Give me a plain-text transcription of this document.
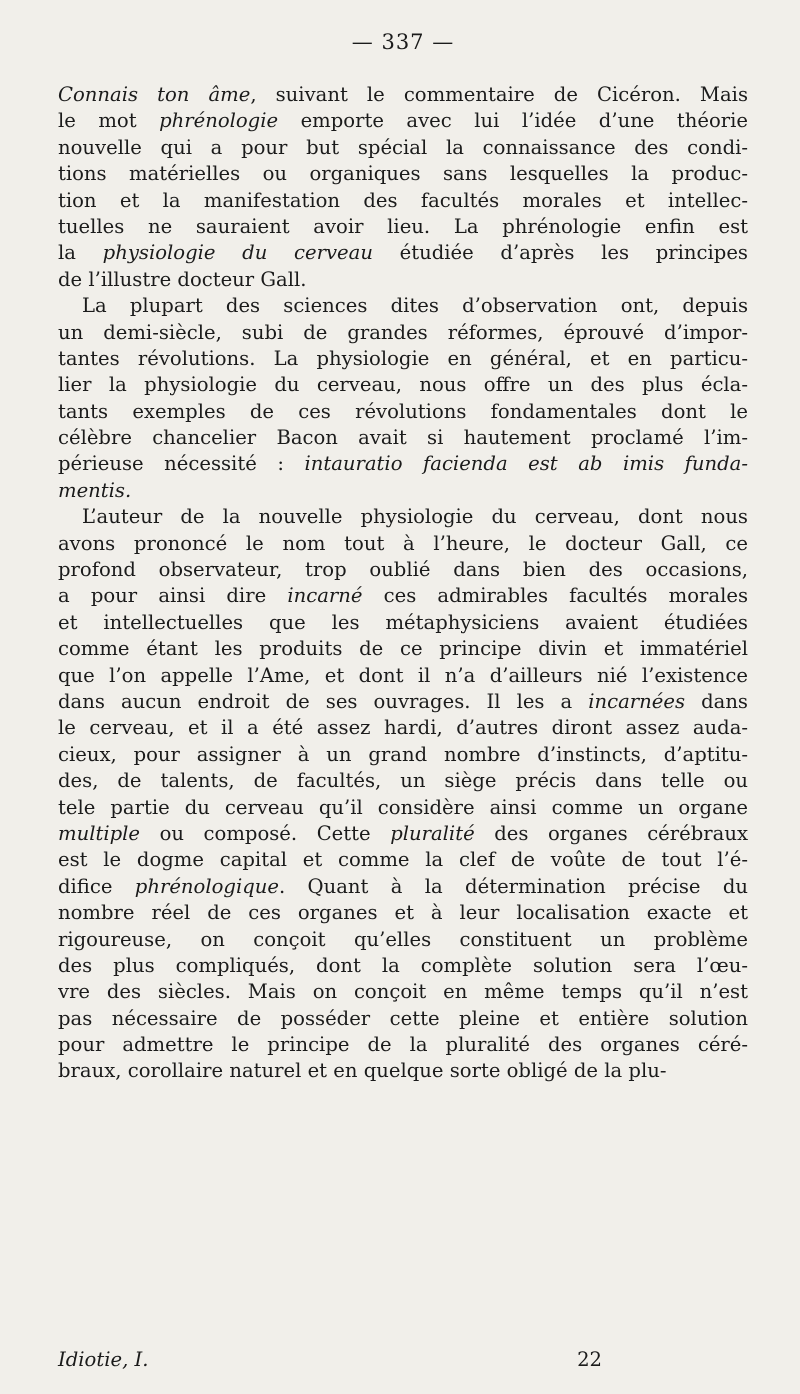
— 337 —
Connais ton âme, suivant le commentaire de Cicéron. Mais
le mot phrénologie emporte avec lui l’idée d’une théorie
nouvelle qui a pour but spécial la connaissance des condi-
tions matérielles ou organiques sans lesquelles la produc-
tion et la manifestation des facultés morales et intellec-
tuelles ne sauraient avoir lieu. La phrénologie enfin est
la physiologie du cerveau étudiée d’après les principes
de l’illustre docteur Gall.
La plupart des sciences dites d’observation ont, depuis
un demi-siècle, subi de grandes réformes, éprouvé d’impor-
tantes révolutions. La physiologie en général, et en particu-
lier la physiologie du cerveau, nous offre un des plus écla-
tants exemples de ces révolutions fondamentales dont le
célèbre chancelier Bacon avait si hautement proclamé l’im-
périeuse nécessité : intauratio facienda est ab imis funda-
mentis.
L’auteur de la nouvelle physiologie du cerveau, dont nous
avons prononcé le nom tout à l’heure, le docteur Gall, ce
profond observateur, trop oublié dans bien des occasions,
a pour ainsi dire incarné ces admirables facultés morales
et intellectuelles que les métaphysiciens avaient étudiées
comme étant les produits de ce principe divin et immatériel
que l’on appelle l’Ame, et dont il n’a d’ailleurs nié l’existence
dans aucun endroit de ses ouvrages. Il les a incarnées dans
le cerveau, et il a été assez hardi, d’autres diront assez auda-
cieux, pour assigner à un grand nombre d’instincts, d’aptitu-
des, de talents, de facultés, un siège précis dans telle ou
tele partie du cerveau qu’il considère ainsi comme un organe
multiple ou composé. Cette pluralité des organes cérébraux
est le dogme capital et comme la clef de voûte de tout l’é-
difice phrénologique. Quant à la détermination précise du
nombre réel de ces organes et à leur localisation exacte et
rigoureuse, on conçoit qu’elles constituent un problème
des plus compliqués, dont la complète solution sera l’œu-
vre des siècles. Mais on conçoit en même temps qu’il n’est
pas nécessaire de posséder cette pleine et entière solution
pour admettre le principe de la pluralité des organes céré-
braux, corollaire naturel et en quelque sorte obligé de la plu-
Idiotie, I.	22
